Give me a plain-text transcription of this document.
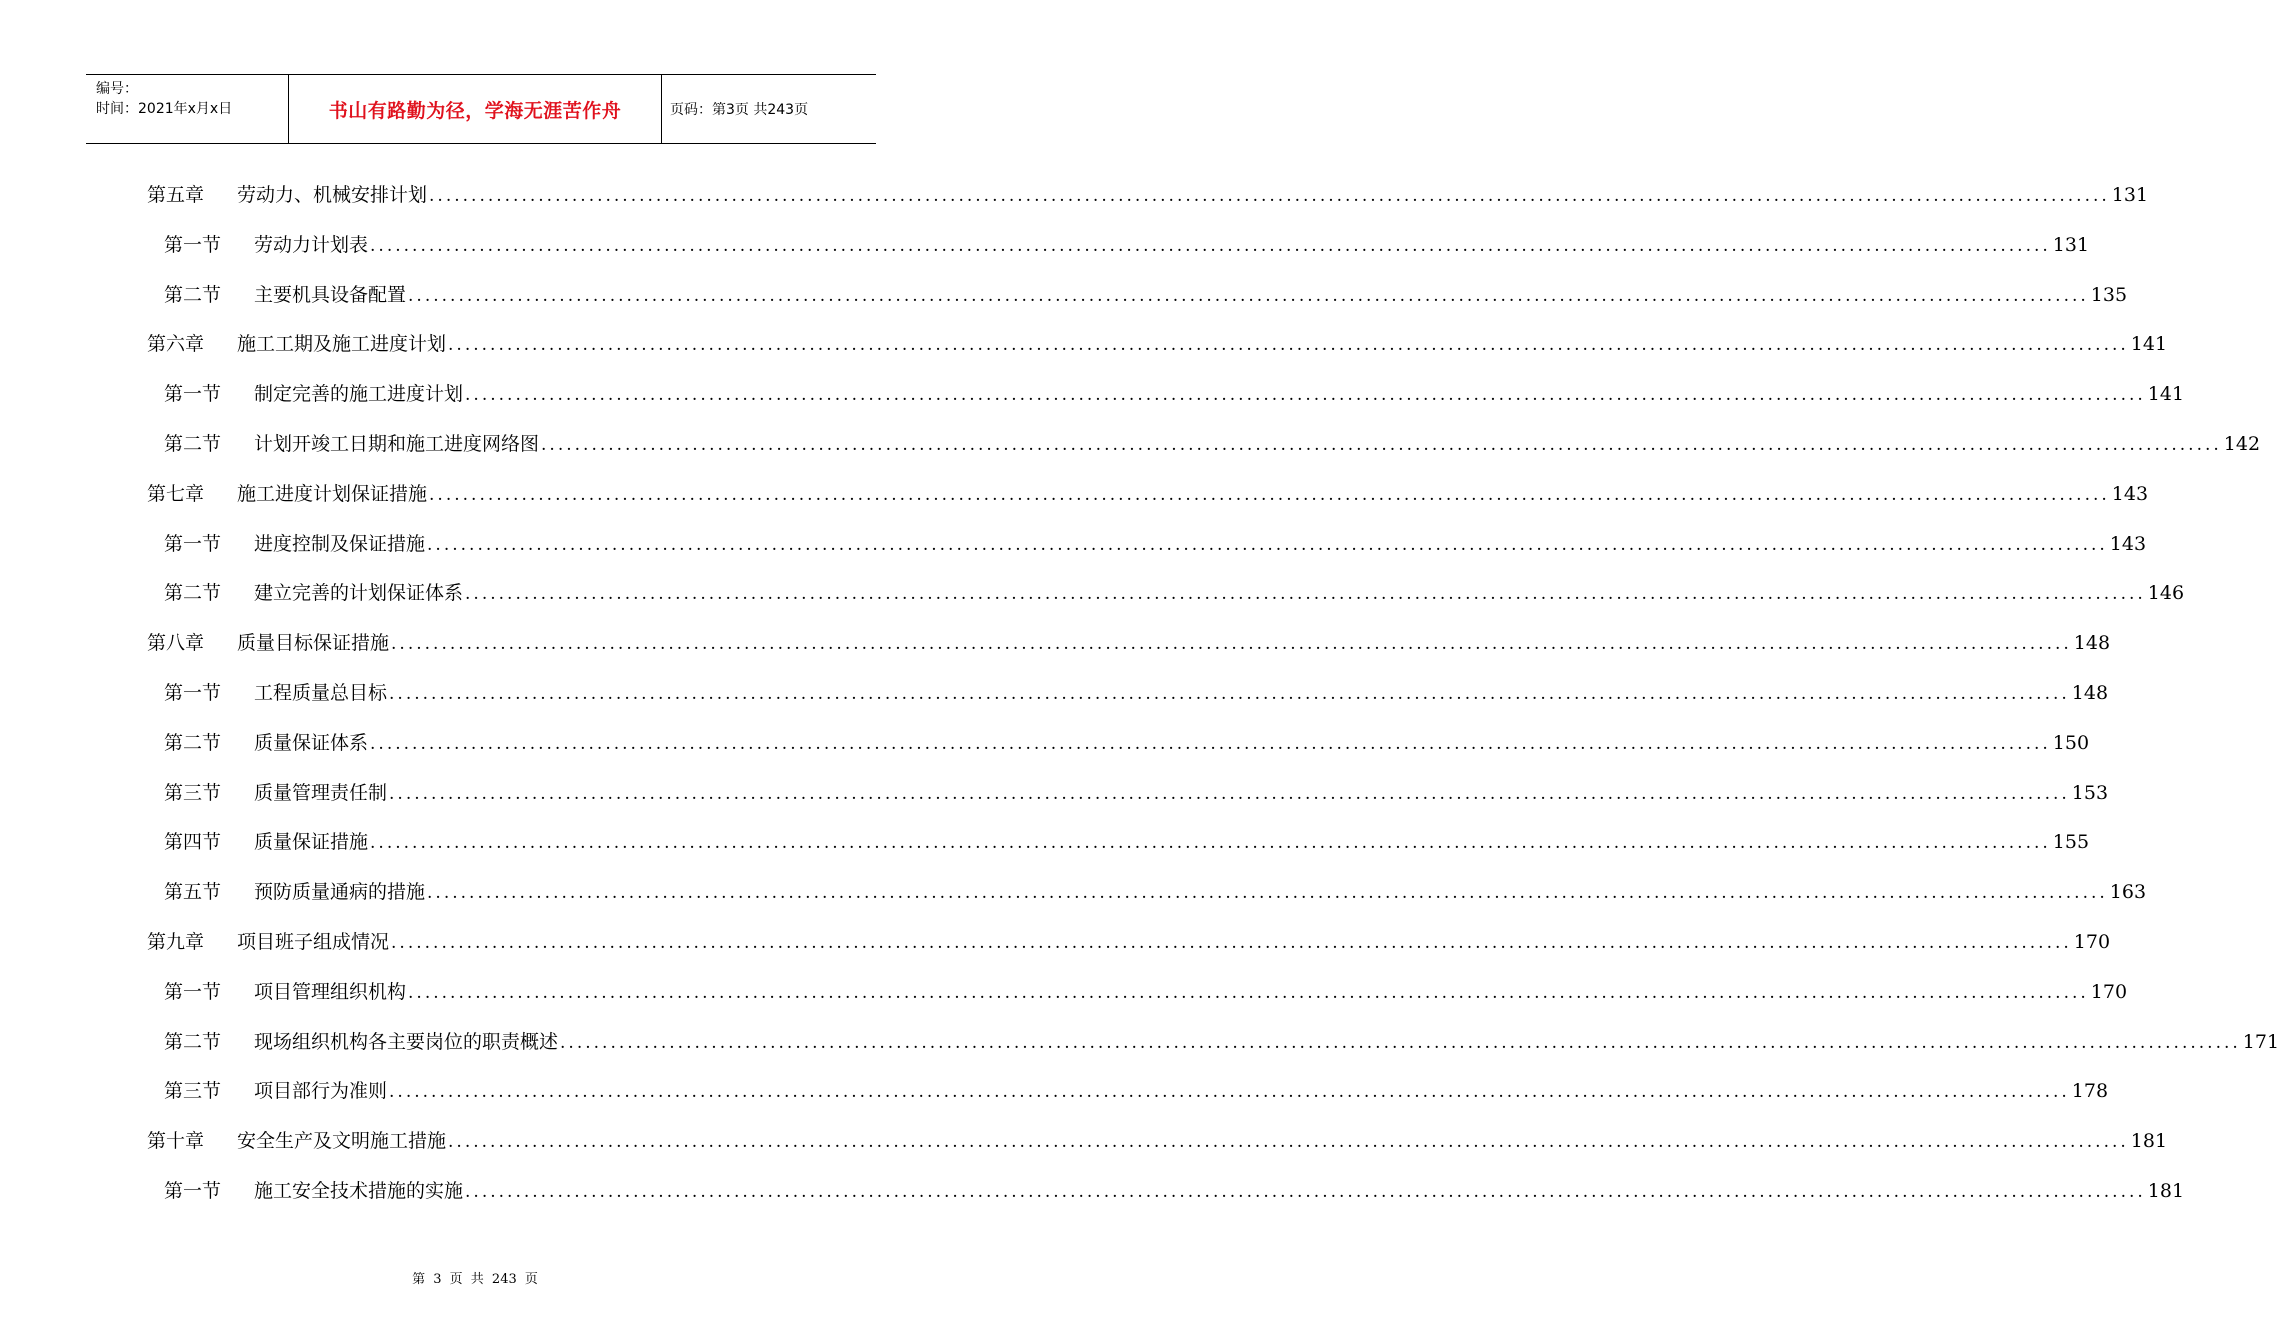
编号：
时间：2021年x月x日	书山有路勤为径，学海无涯苦作舟	页码：第3页 共243页
第五章	劳动力、机械安排计划 ........................................................................................................................................................................................................ 131
第一节	劳动力计划表 ........................................................................................................................................................................................................ 131
第二节	主要机具设备配置 ........................................................................................................................................................................................................ 135
第六章	施工工期及施工进度计划 ........................................................................................................................................................................................................ 141
第一节	制定完善的施工进度计划 ........................................................................................................................................................................................................ 141
第二节	计划开竣工日期和施工进度网络图 ........................................................................................................................................................................................................ 142
第七章	施工进度计划保证措施 ........................................................................................................................................................................................................ 143
第一节	进度控制及保证措施 ........................................................................................................................................................................................................ 143
第二节	建立完善的计划保证体系 ........................................................................................................................................................................................................ 146
第八章	质量目标保证措施 ........................................................................................................................................................................................................ 148
第一节	工程质量总目标 ........................................................................................................................................................................................................ 148
第二节	质量保证体系 ........................................................................................................................................................................................................ 150
第三节	质量管理责任制 ........................................................................................................................................................................................................ 153
第四节	质量保证措施 ........................................................................................................................................................................................................ 155
第五节	预防质量通病的措施 ........................................................................................................................................................................................................ 163
第九章	项目班子组成情况 ........................................................................................................................................................................................................ 170
第一节	项目管理组织机构 ........................................................................................................................................................................................................ 170
第二节	现场组织机构各主要岗位的职责概述 ........................................................................................................................................................................................................ 171
第三节	项目部行为准则 ........................................................................................................................................................................................................ 178
第十章	安全生产及文明施工措施 ........................................................................................................................................................................................................ 181
第一节	施工安全技术措施的实施 ........................................................................................................................................................................................................ 181
第 3 页 共 243 页
